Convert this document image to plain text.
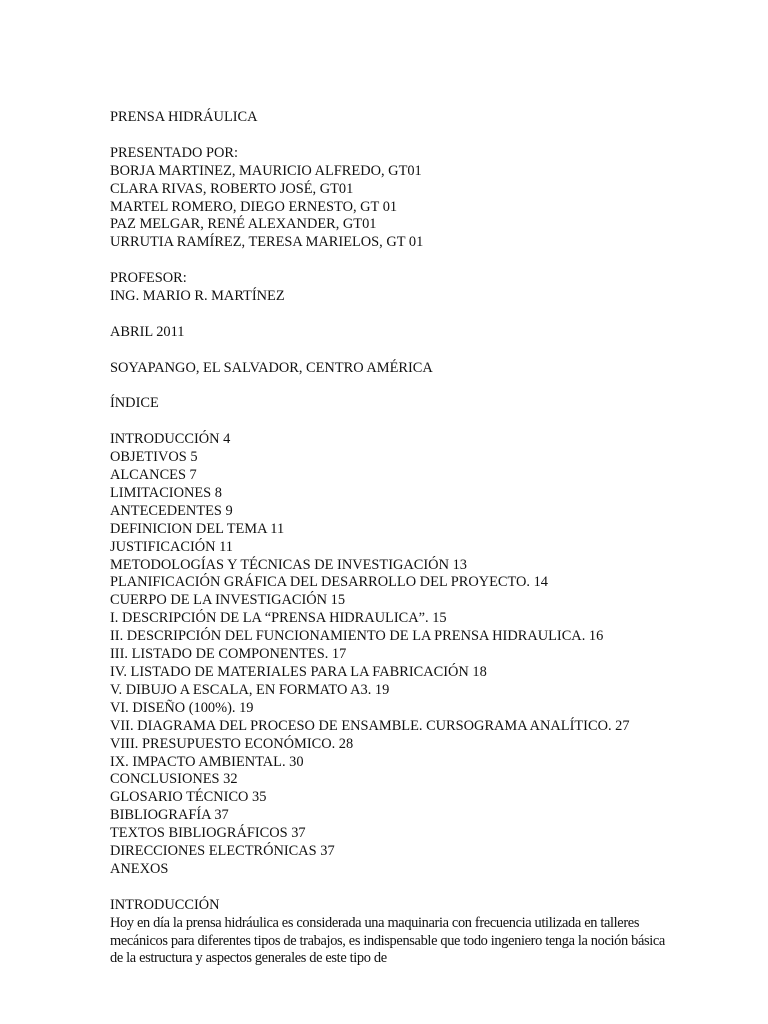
PRENSA HIDRÁULICA
PRESENTADO POR:
BORJA MARTINEZ, MAURICIO ALFREDO, GT01
CLARA RIVAS, ROBERTO JOSÉ, GT01
MARTEL ROMERO, DIEGO ERNESTO, GT 01
PAZ MELGAR, RENÉ ALEXANDER, GT01
URRUTIA RAMÍREZ, TERESA MARIELOS, GT 01
PROFESOR:
ING. MARIO R. MARTÍNEZ
ABRIL 2011
SOYAPANGO, EL SALVADOR, CENTRO AMÉRICA
ÍNDICE
INTRODUCCIÓN 4
OBJETIVOS 5
ALCANCES 7
LIMITACIONES 8
ANTECEDENTES 9
DEFINICION DEL TEMA 11
JUSTIFICACIÓN 11
METODOLOGÍAS Y TÉCNICAS DE INVESTIGACIÓN 13
PLANIFICACIÓN GRÁFICA DEL DESARROLLO DEL PROYECTO. 14
CUERPO DE LA INVESTIGACIÓN 15
I. DESCRIPCIÓN DE LA “PRENSA HIDRAULICA”. 15
II. DESCRIPCIÓN DEL FUNCIONAMIENTO DE LA PRENSA HIDRAULICA. 16
III. LISTADO DE COMPONENTES. 17
IV. LISTADO DE MATERIALES PARA LA FABRICACIÓN 18
V. DIBUJO A ESCALA, EN FORMATO A3. 19
VI. DISEÑO (100%). 19
VII. DIAGRAMA DEL PROCESO DE ENSAMBLE. CURSOGRAMA ANALÍTICO. 27
VIII. PRESUPUESTO ECONÓMICO. 28
IX. IMPACTO AMBIENTAL. 30
CONCLUSIONES 32
GLOSARIO TÉCNICO 35
BIBLIOGRAFÍA 37
TEXTOS BIBLIOGRÁFICOS 37
DIRECCIONES ELECTRÓNICAS 37
ANEXOS
INTRODUCCIÓN
Hoy en día la prensa hidráulica es considerada una maquinaria con frecuencia utilizada en talleres mecánicos para diferentes tipos de trabajos, es indispensable que todo ingeniero tenga la noción básica de la estructura y aspectos generales de este tipo de
